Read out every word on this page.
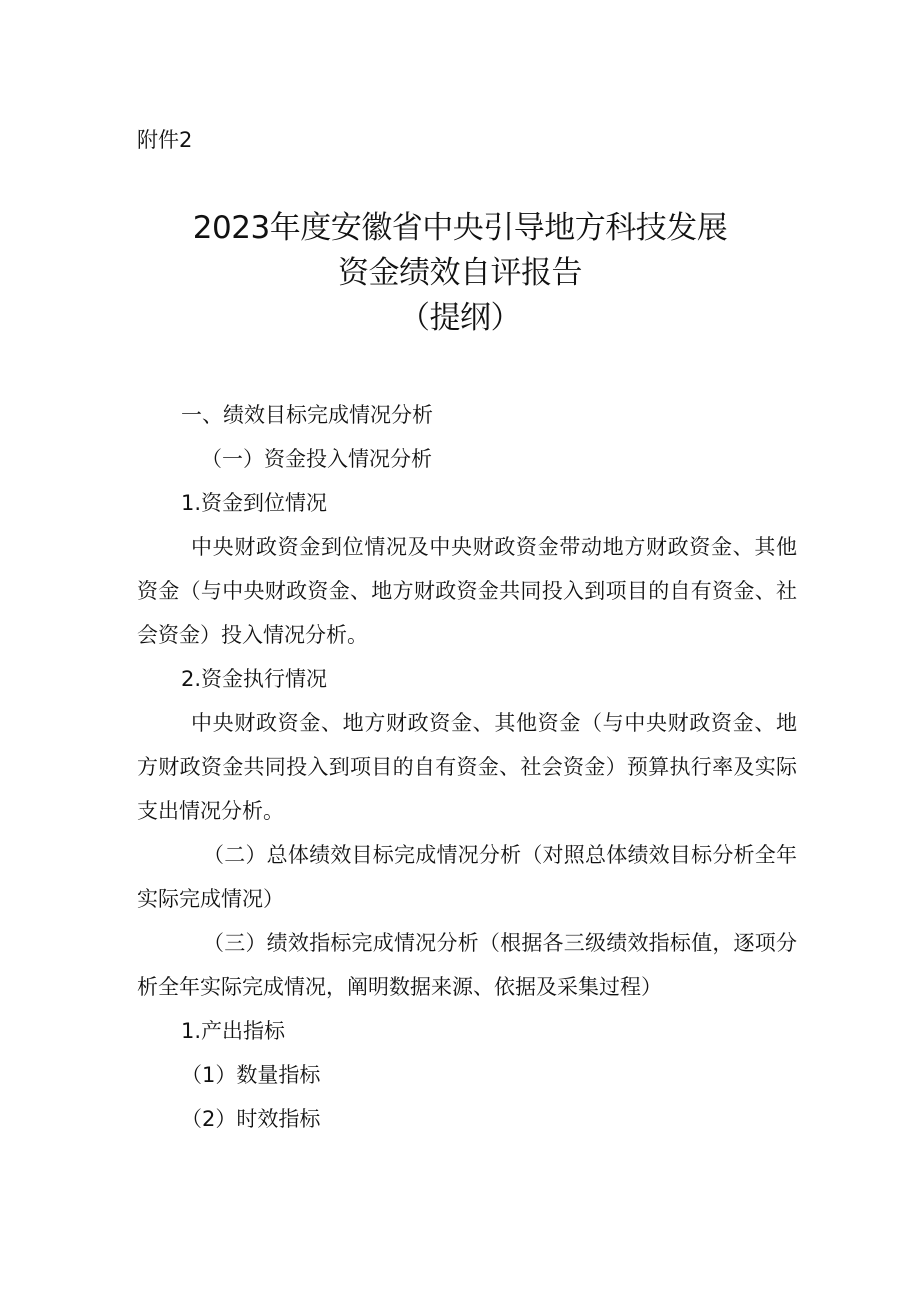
附件2
2023年度安徽省中央引导地方科技发展
资金绩效自评报告
（提纲）
一、绩效目标完成情况分析
（一）资金投入情况分析
1.资金到位情况
中央财政资金到位情况及中央财政资金带动地方财政资金、其他资金（与中央财政资金、地方财政资金共同投入到项目的自有资金、社会资金）投入情况分析。
2.资金执行情况
中央财政资金、地方财政资金、其他资金（与中央财政资金、地方财政资金共同投入到项目的自有资金、社会资金）预算执行率及实际支出情况分析。
（二）总体绩效目标完成情况分析（对照总体绩效目标分析全年实际完成情况）
（三）绩效指标完成情况分析（根据各三级绩效指标值，逐项分析全年实际完成情况，阐明数据来源、依据及采集过程）
1.产出指标
（1）数量指标
（2）时效指标
